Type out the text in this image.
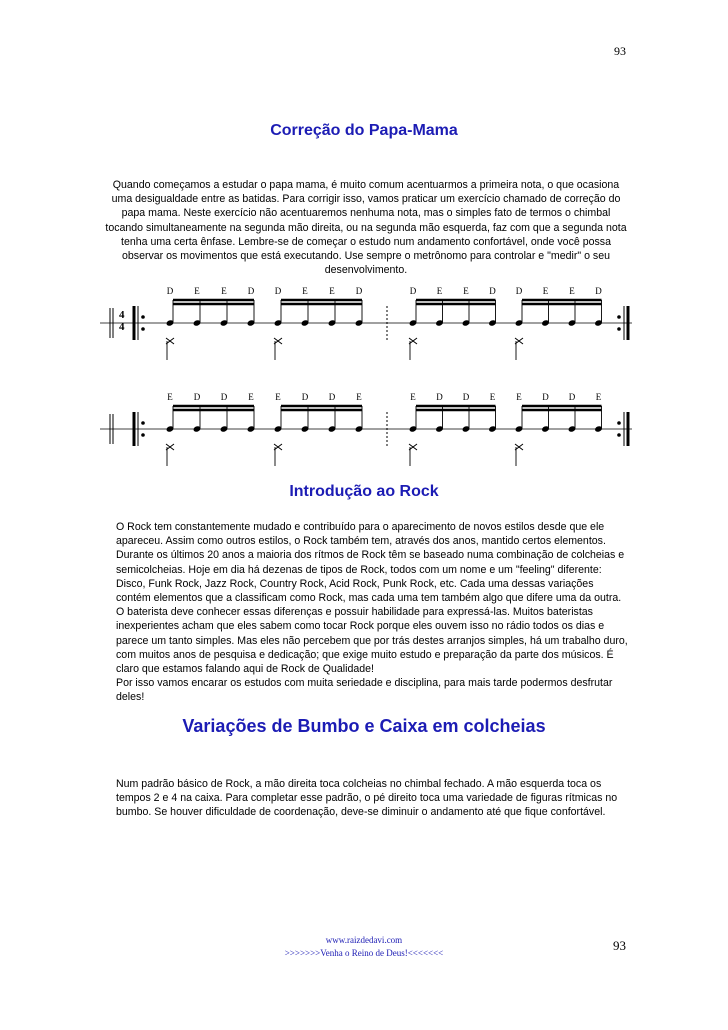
93
Correção do Papa-Mama

Quando começamos a estudar o papa mama, é muito comum acentuarmos a primeira nota, o que ocasiona uma desigualdade entre as batidas. Para corrigir isso, vamos praticar um exercício chamado de correção do papa mama. Neste exercício não acentuaremos nenhuma nota, mas o simples fato de termos o chimbal tocando simultaneamente na segunda mão direita, ou na segunda mão esquerda, faz com que a segunda nota tenha uma certa ênfase. Lembre-se de começar o estudo num andamento confortável, onde você possa observar os movimentos que está executando. Use sempre o metrônomo para controlar e "medir" o seu desenvolvimento.

4
4
D E E D D E E D	D E E D D E E D
E D D E E D D E	E D D E E D D E
Introdução ao Rock

O Rock tem constantemente mudado e contribuído para o aparecimento de novos estilos desde que ele apareceu. Assim como outros estilos, o Rock também tem, através dos anos, mantido certos elementos. Durante os últimos 20 anos a maioria dos rítmos de Rock têm se baseado numa combinação de colcheias e semicolcheias. Hoje em dia há dezenas de tipos de Rock, todos com um nome e um "feeling" diferente: Disco, Funk Rock, Jazz Rock, Country Rock, Acid Rock, Punk Rock, etc. Cada uma dessas variações contém elementos que a classificam como Rock, mas cada uma tem também algo que difere uma da outra.

O baterista deve conhecer essas diferenças e possuir habilidade para expressá-las. Muitos bateristas inexperientes acham que eles sabem como tocar Rock porque eles ouvem isso no rádio todos os dias e parece um tanto simples. Mas eles não percebem que por trás destes arranjos simples, há um trabalho duro, com muitos anos de pesquisa e dedicação; que exige muito estudo e preparação da parte dos músicos. É claro que estamos falando aqui de Rock de Qualidade!

Por isso vamos encarar os estudos com muita seriedade e disciplina, para mais tarde podermos desfrutar deles!

Variações de Bumbo e Caixa em colcheias

Num padrão básico de Rock, a mão direita toca colcheias no chimbal fechado. A mão esquerda toca os tempos 2 e 4 na caixa. Para completar esse padrão, o pé direito toca uma variedade de figuras rítmicas no bumbo. Se houver dificuldade de coordenação, deve-se diminuir o andamento até que fique confortável.

www.raizdedavi.com
>>>>>>>Venha o Reino de Deus!<<<<<<<	93
